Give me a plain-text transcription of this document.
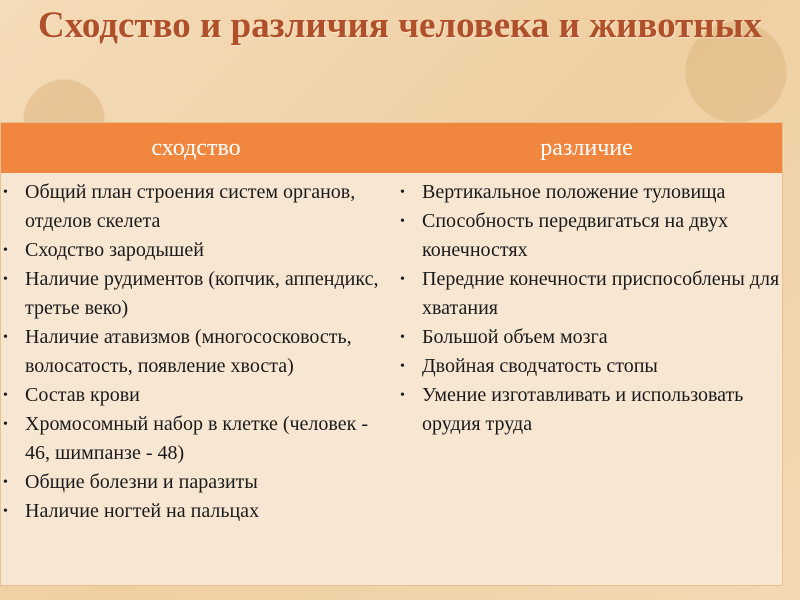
Сходство и различия человека и животных
сходство	различие
• Общий план строения систем органов, отделов скелета
• Сходство зародышей
• Наличие рудиментов (копчик, аппендикс, третье веко)
• Наличие атавизмов (многососковость, волосатость, появление хвоста)
• Состав крови
• Хромосомный набор в клетке (человек - 46, шимпанзе - 48)
• Общие болезни и паразиты
• Наличие ногтей на пальцах
• Вертикальное положение туловища
• Способность передвигаться на двух конечностях
• Передние конечности приспособлены для хватания
• Большой объем мозга
• Двойная сводчатость стопы
• Умение изготавливать и использовать орудия труда
